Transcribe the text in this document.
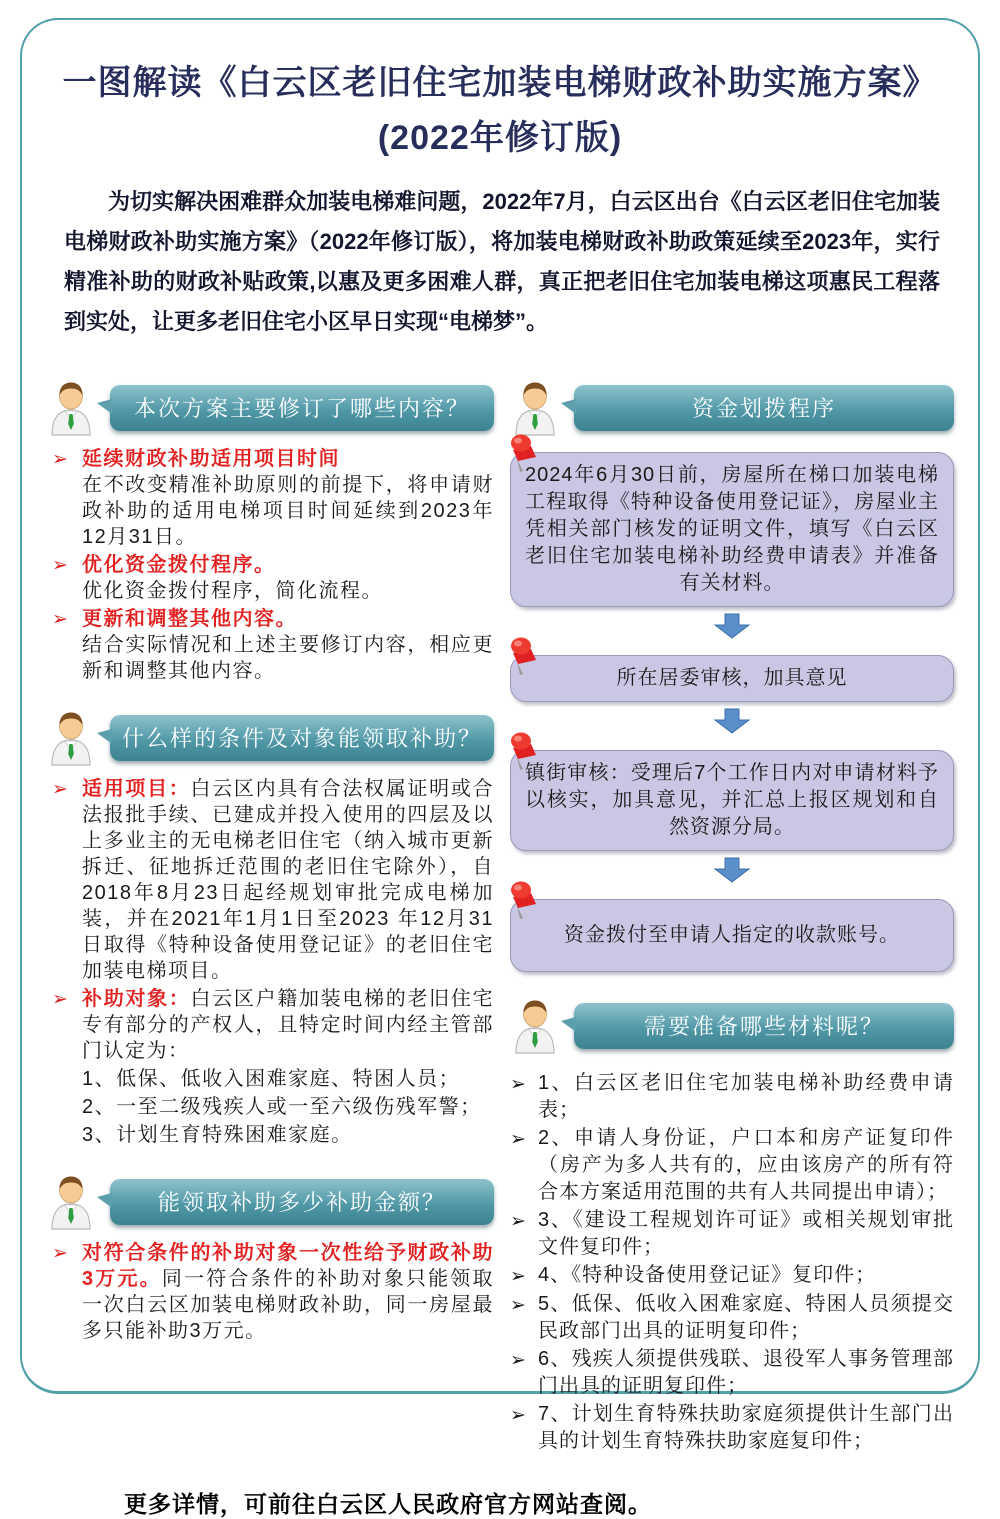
一图解读《白云区老旧住宅加装电梯财政补助实施方案》
(2022年修订版)
为切实解决困难群众加装电梯难问题，2022年7月，白云区出台《白云区老旧住宅加装电梯财政补助实施方案》（2022年修订版），将加装电梯财政补助政策延续至2023年，实行精准补助的财政补贴政策,以惠及更多困难人群，真正把老旧住宅加装电梯这项惠民工程落到实处，让更多老旧住宅小区早日实现“电梯梦”。
本次方案主要修订了哪些内容？
➢ 延续财政补助适用项目时间
在不改变精准补助原则的前提下，将申请财政补助的适用电梯项目时间延续到2023年12月31日。
➢ 优化资金拨付程序。
优化资金拨付程序，简化流程。
➢ 更新和调整其他内容。
结合实际情况和上述主要修订内容，相应更新和调整其他内容。
什么样的条件及对象能领取补助？
➢ 适用项目：白云区内具有合法权属证明或合法报批手续、已建成并投入使用的四层及以上多业主的无电梯老旧住宅（纳入城市更新拆迁、征地拆迁范围的老旧住宅除外），自2018年8月23日起经规划审批完成电梯加装，并在2021年1月1日至2023 年12月31日取得《特种设备使用登记证》的老旧住宅加装电梯项目。
➢ 补助对象：白云区户籍加装电梯的老旧住宅专有部分的产权人，且特定时间内经主管部门认定为：
1、低保、低收入困难家庭、特困人员；
2、一至二级残疾人或一至六级伤残军警；
3、计划生育特殊困难家庭。
能领取补助多少补助金额？
➢ 对符合条件的补助对象一次性给予财政补助3万元。同一符合条件的补助对象只能领取一次白云区加装电梯财政补助，同一房屋最多只能补助3万元。
资金划拨程序
2024年6月30日前，房屋所在梯口加装电梯工程取得《特种设备使用登记证》，房屋业主凭相关部门核发的证明文件，填写《白云区老旧住宅加装电梯补助经费申请表》并准备有关材料。
所在居委审核，加具意见
镇街审核：受理后7个工作日内对申请材料予以核实，加具意见，并汇总上报区规划和自然资源分局。
资金拨付至申请人指定的收款账号。
需要准备哪些材料呢？
➢ 1、白云区老旧住宅加装电梯补助经费申请表；
➢ 2、申请人身份证，户口本和房产证复印件（房产为多人共有的，应由该房产的所有符合本方案适用范围的共有人共同提出申请）；
➢ 3、《建设工程规划许可证》或相关规划审批文件复印件；
➢ 4、《特种设备使用登记证》复印件；
➢ 5、低保、低收入困难家庭、特困人员须提交民政部门出具的证明复印件；
➢ 6、残疾人须提供残联、退役军人事务管理部门出具的证明复印件；
➢ 7、计划生育特殊扶助家庭须提供计生部门出具的计划生育特殊扶助家庭复印件；
更多详情，可前往白云区人民政府官方网站查阅。
